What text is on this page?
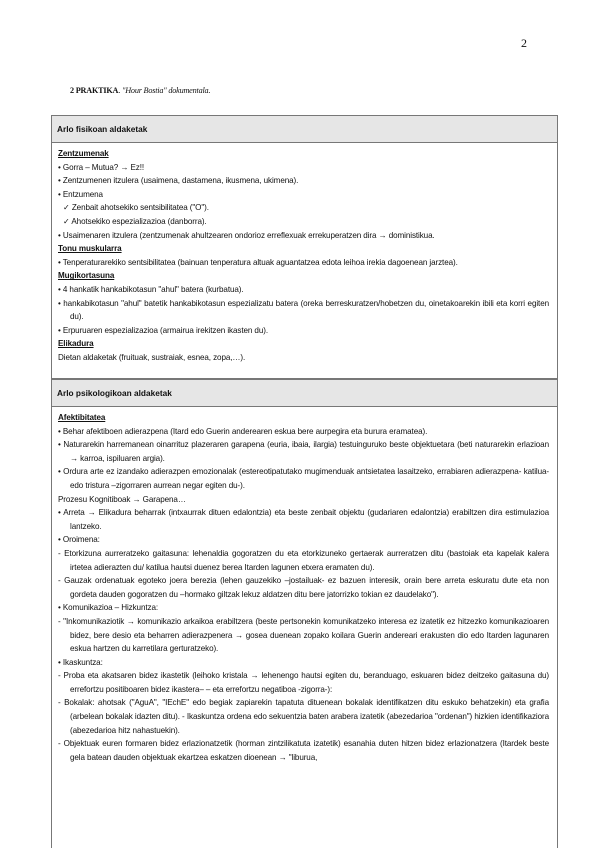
2
2 PRAKTIKA. "Hour Bostia" dokumentala.
Arlo fisikoan aldaketak
Zentzumenak
• Gorra – Mutua? → Ez!!
• Zentzumenen itzulera (usaimena, dastamena, ikusmena, ukimena).
• Entzumena
✓ Zenbait ahotsekiko sentsibilitatea ("O").
✓ Ahotsekiko espezializazioa (danborra).
• Usaimenaren itzulera (zentzumenak ahultzearen ondorioz erreflexuak errekuperatzen dira → doministikua.
Tonu muskularra
• Tenperaturarekiko sentsibilitatea (bainuan tenperatura altuak aguantatzea edota leihoa irekia dagoenean jarztea).
Mugikortasuna
• 4 hankatik hankabikotasun "ahul" batera (kurbatua).
• hankabikotasun "ahul" batetik hankabikotasun espezializatu batera (oreka berreskuratzen/hobetzen du, oinetakoarekin ibili eta korri egiten du).
• Erpuruaren espezializazioa (armairua irekitzen ikasten du).
Elikadura
Dietan aldaketak (fruituak, sustraiak, esnea, zopa,…).
Arlo psikologikoan aldaketak
Afektibitatea
• Behar afektiboen adierazpena (Itard edo Guerin anderearen eskua bere aurpegira eta burura eramatea).
• Naturarekin harremanean oinarrituz plazeraren garapena (euria, ibaia, ilargia) testuinguruko beste objektuetara (beti naturarekin erlazioan → karroa, ispiluaren argia).
• Ordura arte ez izandako adierazpen emozionalak (estereotipatutako mugimenduak antsietatea lasaitzeko, errabiaren adierazpena- katilua- edo tristura –zigorraren aurrean negar egiten du-).
Prozesu Kognitiboak → Garapena…
• Arreta → Elikadura beharrak (intxaurrak dituen edalontzia) eta beste zenbait objektu (gudariaren edalontzia) erabiltzen dira estimulazioa lantzeko.
• Oroimena:
- Etorkizuna aurreratzeko gaitasuna: lehenaldia gogoratzen du eta etorkizuneko gertaerak aurreratzen ditu (bastoiak eta kapelak kalera irtetea adierazten du/ katilua hautsi duenez berea Itarden lagunen etxera eramaten du).
- Gauzak ordenatuak egoteko joera berezia (lehen gauzekiko –jostailuak- ez bazuen interesik, orain bere arreta eskuratu dute eta non gordeta dauden gogoratzen du –hormako giltzak lekuz aldatzen ditu bere jatorrizko tokian ez daudelako").
• Komunikazioa – Hizkuntza:
- "Inkomunikaziotik → komunikazio arkaikoa erabiltzera (beste pertsonekin komunikatzeko interesa ez izatetik ez hitzezko komunikazioaren bidez, bere desio eta beharren adierazpenera → gosea duenean zopako koilara Guerin andereari erakusten dio edo Itarden lagunaren eskua hartzen du karretilara gerturatzeko).
• Ikaskuntza:
- Proba eta akatsaren bidez ikastetik (leihoko kristala → lehenengo hautsi egiten du, beranduago, eskuaren bidez deitzeko gaitasuna du) errefortzu positiboaren bidez ikastera– – eta errefortzu negatiboa -zigorra-):
- Bokalak: ahotsak ("AguA", "IEchE" edo begiak zapiarekin tapatuta dituenean bokalak identifikatzen ditu eskuko behatzekin) eta grafia (arbelean bokalak idazten ditu). - Ikaskuntza ordena edo sekuentzia baten arabera izatetik (abezedarioa "ordenan") hizkien identifikaziora (abezedarioa hitz nahastuekin).
- Objektuak euren formaren bidez erlazionatzetik (horman zintzilikatuta izatetik) esanahia duten hitzen bidez erlazionatzera (Itardek beste gela batean dauden objektuak ekartzea eskatzen dioenean → "liburua,
